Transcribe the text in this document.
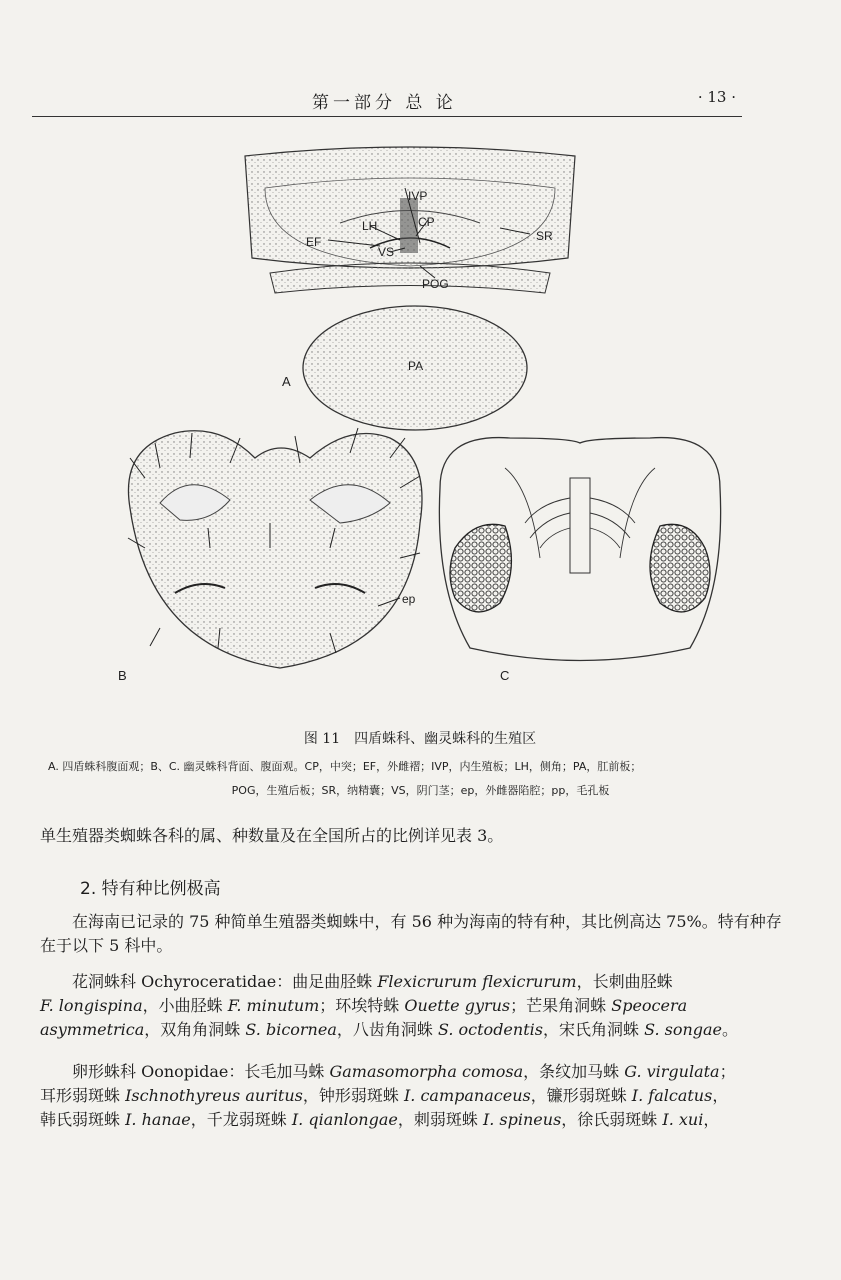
第一部分 总 论	· 13 ·
IVP
LH	CP
EF	SR
VS
POG
PA
A
ep
B	C
图 11　四盾蛛科、幽灵蛛科的生殖区
A. 四盾蛛科腹面观；B、C. 幽灵蛛科背面、腹面观。CP，中突；EF，外雌褶；IVP，内生殖板；LH，侧角；PA，肛前板；
POG，生殖后板；SR，纳精囊；VS，阴门茎；ep，外雌器陷腔；pp，毛孔板
单生殖器类蜘蛛各科的属、种数量及在全国所占的比例详见表 3。
2. 特有种比例极高
在海南已记录的 75 种简单生殖器类蜘蛛中，有 56 种为海南的特有种，其比例高达 75%。特有种存在于以下 5 科中。
花洞蛛科 Ochyroceratidae：曲足曲胫蛛 Flexicrurum flexicrurum，长刺曲胫蛛
F. longispina，小曲胫蛛 F. minutum；环埃特蛛 Ouette gyrus；芒果角洞蛛 Speocera
asymmetrica，双角角洞蛛 S. bicornea，八齿角洞蛛 S. octodentis，宋氏角洞蛛 S. songae。
卵形蛛科 Oonopidae：长毛加马蛛 Gamasomorpha comosa，条纹加马蛛 G. virgulata；
耳形弱斑蛛 Ischnothyreus auritus，钟形弱斑蛛 I. campanaceus，镰形弱斑蛛 I. falcatus，
韩氏弱斑蛛 I. hanae，千龙弱斑蛛 I. qianlongae，刺弱斑蛛 I. spineus，徐氏弱斑蛛 I. xui，
